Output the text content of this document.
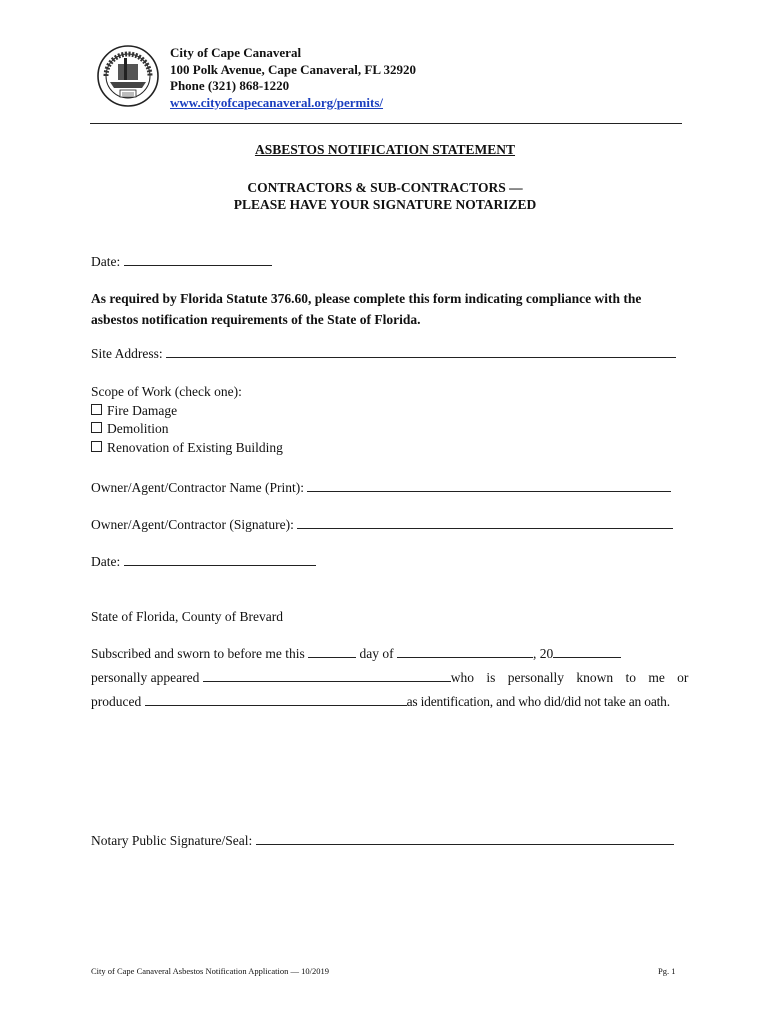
City of Cape Canaveral
100 Polk Avenue, Cape Canaveral, FL 32920
Phone (321) 868-1220
www.cityofcapecanaveral.org/permits/
ASBESTOS NOTIFICATION STATEMENT
CONTRACTORS & SUB-CONTRACTORS —
PLEASE HAVE YOUR SIGNATURE NOTARIZED
Date:
As required by Florida Statute 376.60, please complete this form indicating compliance with the asbestos notification requirements of the State of Florida.
Site Address:
Scope of Work (check one):
Fire Damage
Demolition
Renovation of Existing Building
Owner/Agent/Contractor Name (Print):
Owner/Agent/Contractor (Signature):
Date:
State of Florida, County of Brevard
Subscribed and sworn to before me this	day of	, 20
personally appeared	who is personally known to me or
produced	as identification, and who did/did not take an oath.
Notary Public Signature/Seal:
City of Cape Canaveral Asbestos Notification Application — 10/2019	Pg. 1
